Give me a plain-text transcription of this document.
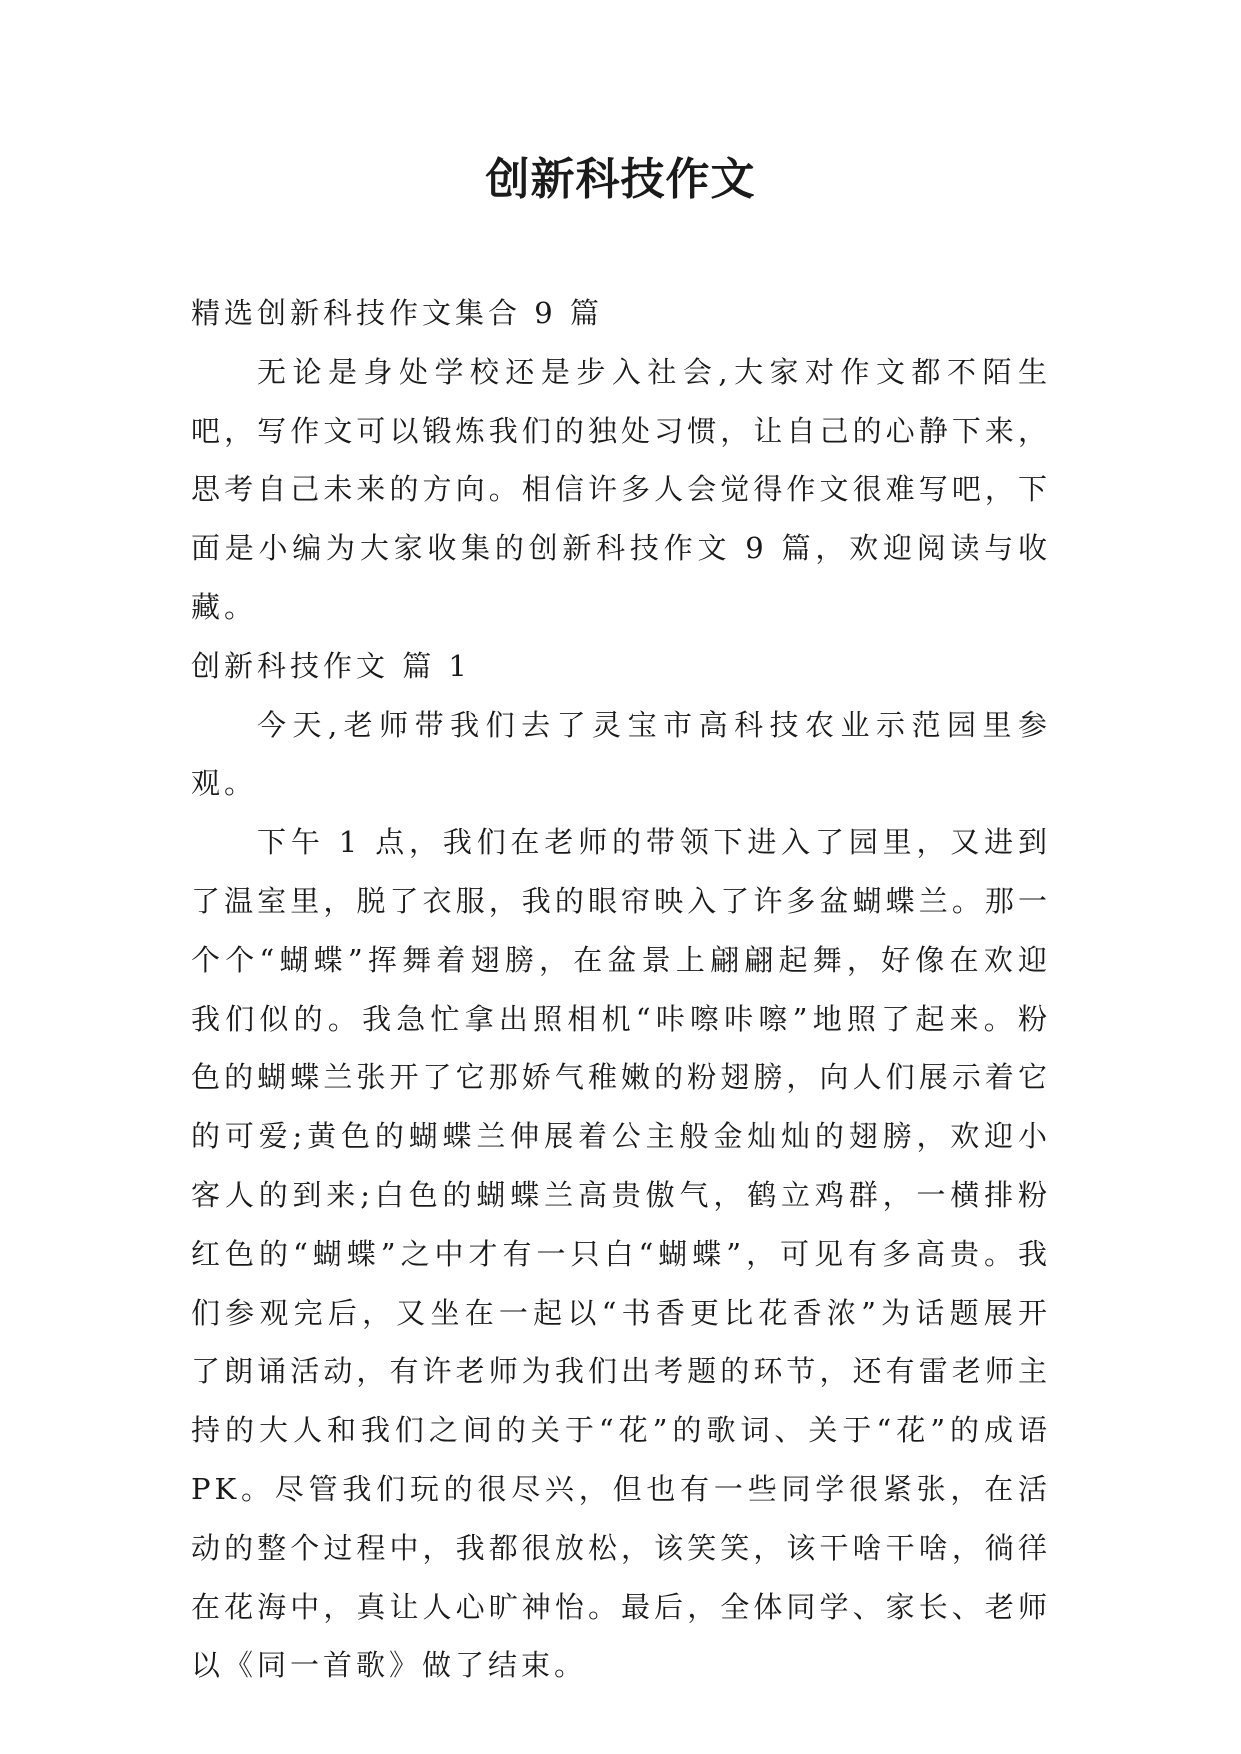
创新科技作文

精选创新科技作文集合 9 篇

无论是身处学校还是步入社会,大家对作文都不陌生吧，写作文可以锻炼我们的独处习惯，让自己的心静下来，思考自己未来的方向。相信许多人会觉得作文很难写吧，下面是小编为大家收集的创新科技作文 9 篇，欢迎阅读与收藏。

创新科技作文 篇 1

今天,老师带我们去了灵宝市高科技农业示范园里参观。

下午 1 点，我们在老师的带领下进入了园里，又进到了温室里，脱了衣服，我的眼帘映入了许多盆蝴蝶兰。那一个个“蝴蝶”挥舞着翅膀，在盆景上翩翩起舞，好像在欢迎我们似的。我急忙拿出照相机“咔嚓咔嚓”地照了起来。粉色的蝴蝶兰张开了它那娇气稚嫩的粉翅膀，向人们展示着它的可爱;黄色的蝴蝶兰伸展着公主般金灿灿的翅膀，欢迎小客人的到来;白色的蝴蝶兰高贵傲气，鹤立鸡群，一横排粉红色的“蝴蝶”之中才有一只白“蝴蝶”，可见有多高贵。我们参观完后，又坐在一起以“书香更比花香浓”为话题展开了朗诵活动，有许老师为我们出考题的环节，还有雷老师主持的大人和我们之间的关于“花”的歌词、关于“花”的成语 PK。尽管我们玩的很尽兴，但也有一些同学很紧张，在活动的整个过程中，我都很放松，该笑笑，该干啥干啥，徜徉在花海中，真让人心旷神怡。最后，全体同学、家长、老师以《同一首歌》做了结束。
